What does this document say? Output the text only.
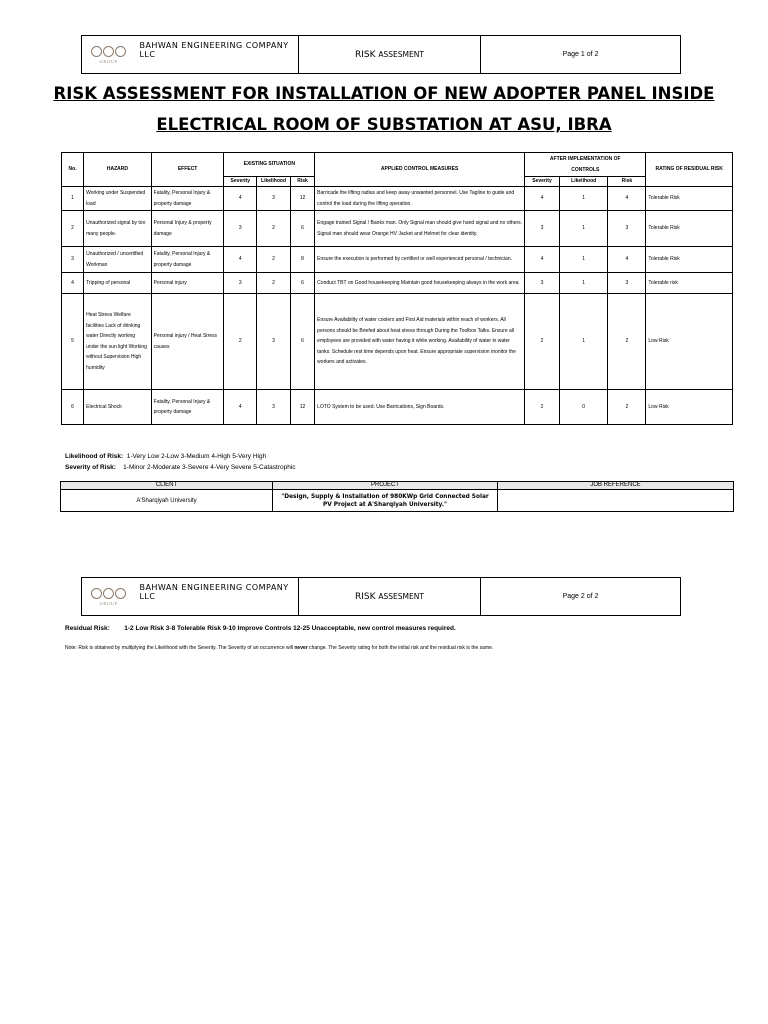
GROUP
BAHWAN ENGINEERING COMPANY LLC	RISK ASSESMENT	Page 1 of 2
RISK ASSESSMENT FOR INSTALLATION OF NEW ADOPTER PANEL INSIDE
ELECTRICAL ROOM OF SUBSTATION AT ASU, IBRA
No.	HAZARD	EFFECT	EXISTING SITUATION			APPLIED CONTROL MEASURES	AFTER IMPLEMENTATION OF
CONTROLS			RATING OF RESIDUAL RISK
			Severity	Likelihood	Risk		Severity	Likelihood	Risk	
1	Working under Suspended load	Fatality, Personal Injury & property damage	4	3	12	Barricade the lifting radius and keep away unwanted personnel. Use Tagline to guide and control the load during the lifting operation.	4	1	4	Tolerable Risk
2	Unauthorized signal by too many people.	Personal Injury & property damage	3	2	6	Engage trained Signal / Banks man. Only Signal man should give hand signal and no others. Signal man should wear Orange HV Jacket and Helmet for clear identity.	3	1	3	Tolerable Risk
3	Unauthorized / uncertified Workman	Fatality, Personal Injury & property damage	4	2	8	Ensure the execution is performed by certified or well experienced personal / technician.	4	1	4	Tolerable Risk
4	Tripping of personal	Personal injury	3	2	6	Conduct TBT on Good housekeeping Maintain good housekeeping always in the work area	3	1	3	Tolerable risk
5	Heat Stress Welfare facilities Lack of drinking water Directly working under the sun light Working without Supervision High humidity	Personal injury / Heat Stress causes	2	3	6	Ensure Availability of water coolers and First Aid materials within reach of workers. All persons should be Briefed about heat stress through During the Toolbox Talks. Ensure all employees are provided with water having it while working. Availability of water in water tanks. Schedule rest time depends upon heat. Ensure appropriate supervision monitor the workers and activates.	2	1	2	Low Risk
6	Electrical Shock	Fatality, Personal Injury & property damage	4	3	12	LOTO System to be used. Use Barrications, Sign Boards.	2	0	2	Low Risk
Likelihood of Risk: 1-Very Low 2-Low 3-Medium 4-High 5-Very High
Severity of Risk: 1-Minor 2-Moderate 3-Severe 4-Very Severe 5-Catastrophic
CLIENT	PROJECT	JOB REFERENCE
A'Sharqiyah University	"Design, Supply & Installation of 980KWp Grid Connected Solar PV Project at A'Sharqiyah University."	
GROUP
BAHWAN ENGINEERING COMPANY LLC	RISK ASSESMENT	Page 2 of 2
Residual Risk: 1-2 Low Risk 3-8 Tolerable Risk 9-10 Improve Controls 12-25 Unacceptable, new control measures required.
Note: Risk is obtained by multiplying the Likelihood with the Severity. The Severity of an occurrence will never change. The Severity rating for both the initial risk and the residual risk is the same.
